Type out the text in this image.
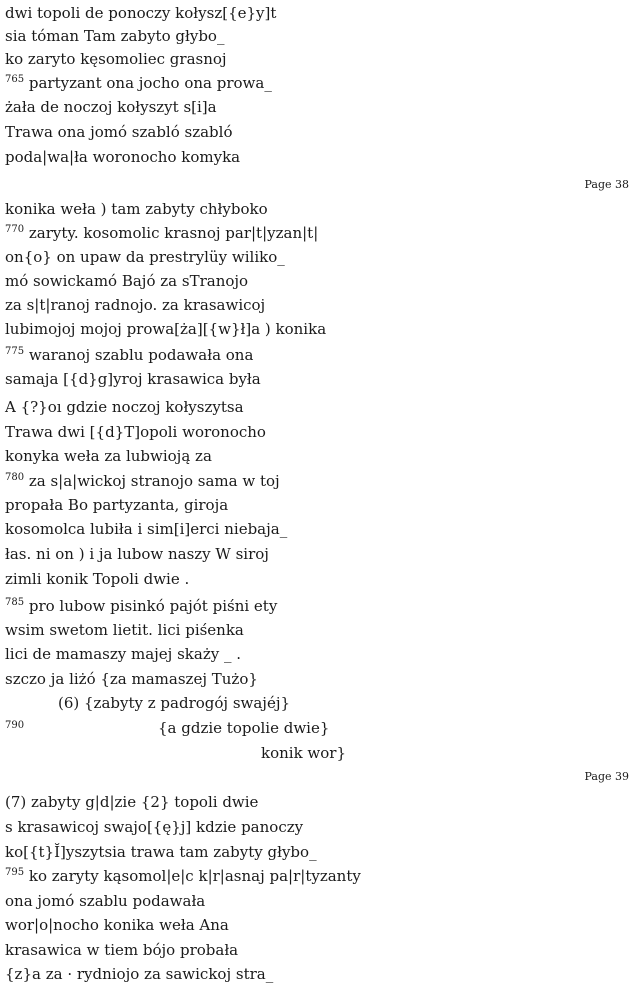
dwi topoli de ponoczy kołysz[{e}y]t
sia tóman Tam zabyto głybo_
ko zaryto kęsomoliec grasnoj
$^{765}$ partyzant ona jocho ona prowa_
żała de noczoj kołyszyt s[i]a
Trawa ona jomó szabló szabló
poda|wa|ła woronocho komyka
Page 38
konika weła ) tam zabyty chłyboko
$^{770}$ zaryty. kosomolic krasnoj par|t|yzan|t|
on{o} on upaw da prestrylüy wiliko_
mó sowickamó Bajó za sTranojo
za s|t|ranoj radnojo. za krasawicoj
lubimojoj mojoj prowa[ża][{w}ł]a ) konika
$^{775}$ waranoj szablu podawała ona
samaja [{d}g]yroj krasawica była
A {?}oı gdzie noczoj kołyszytsa
Trawa dwi [{d}T]opoli woronocho
konyka weła za lubwioją za
$^{780}$ za s|a|wickoj stranojo sama w toj
propała Bo partyzanta, giroja
kosomolca lubiła i sim[i]erci niebaja_
łas. ni on ) i ja lubow naszy W siroj
zimli konik Topoli dwie .
$^{785}$ pro lubow pisinkó pajót piśni ety
wsim swetom lietit. lici piśenka
lici de mamaszy majej skaży _ .
szczo ja liżó {za mamaszej Tużo}
(6) {zabyty z padrogój swajéj}
$^{790}$	{a gdzie topolie dwie}
konik wor}
Page 39
(7) zabyty g|d|zie {2} topoli dwie
s krasawicoj swajo[{ę}j] kdzie panoczy
ko[{t}Ĭ]yszytsia trawa tam zabyty głybo_
$^{795}$ ko zaryty kąsomol|e|c k|r|asnaj pa|r|tyzanty
ona jomó szablu podawała
wor|o|nocho konika weła Ana
krasawica w tiem bójo probała
{z}a za · rydniojo za sawickoj stra_
